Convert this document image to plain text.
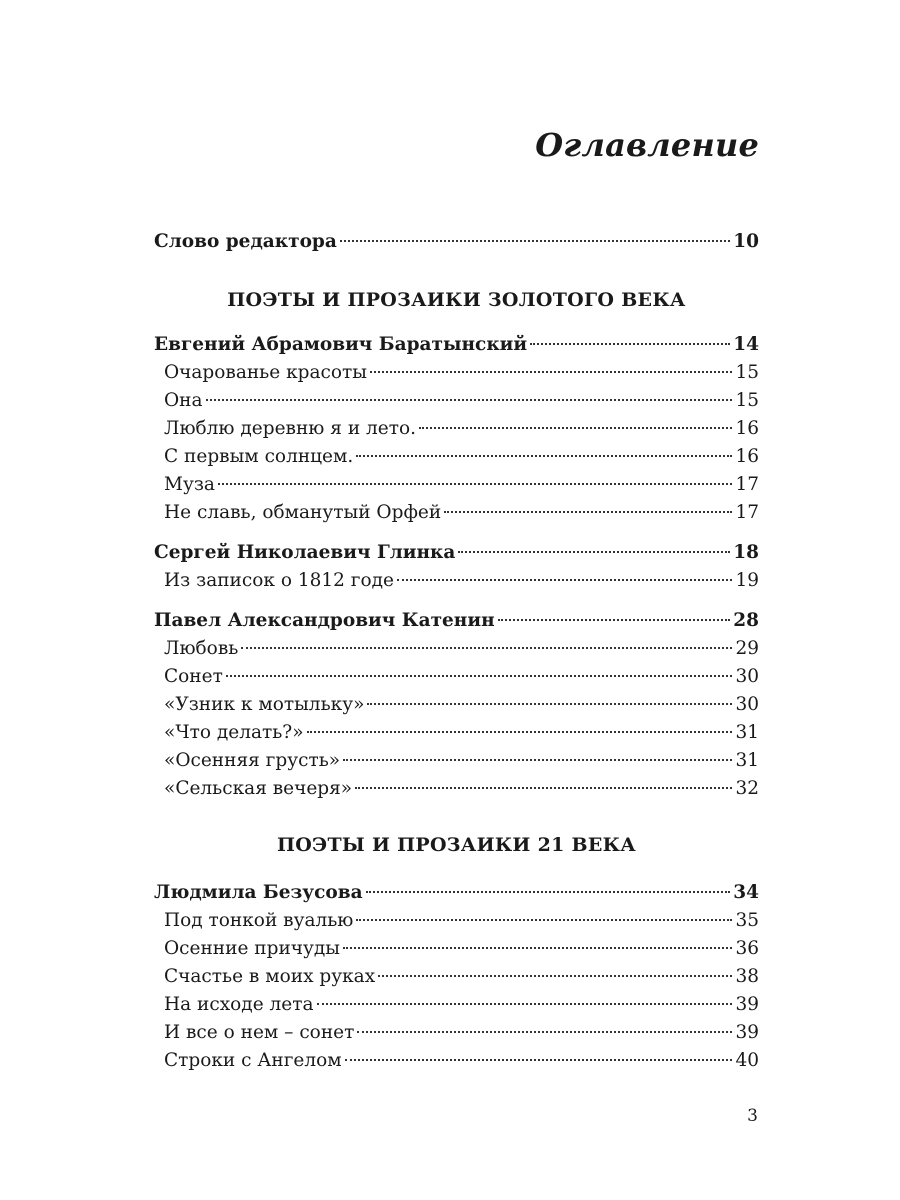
Оглавление
Слово редактора	10
ПОЭТЫ И ПРОЗАИКИ ЗОЛОТОГО ВЕКА
Евгений Абрамович Баратынский	14
Очарованье красоты	15
Она	15
Люблю деревню я и лето.	16
С первым солнцем.	16
Муза	17
Не славь, обманутый Орфей	17
Сергей Николаевич Глинка	18
Из записок о 1812 годе	19
Павел Александрович Катенин	28
Любовь	29
Сонет	30
«Узник к мотыльку»	30
«Что делать?»	31
«Осенняя грусть»	31
«Сельская вечеря»	32
ПОЭТЫ И ПРОЗАИКИ 21 ВЕКА
Людмила Безусова	34
Под тонкой вуалью	35
Осенние причуды	36
Счастье в моих руках	38
На исходе лета	39
И все о нем – сонет	39
Строки с Ангелом	40
3
